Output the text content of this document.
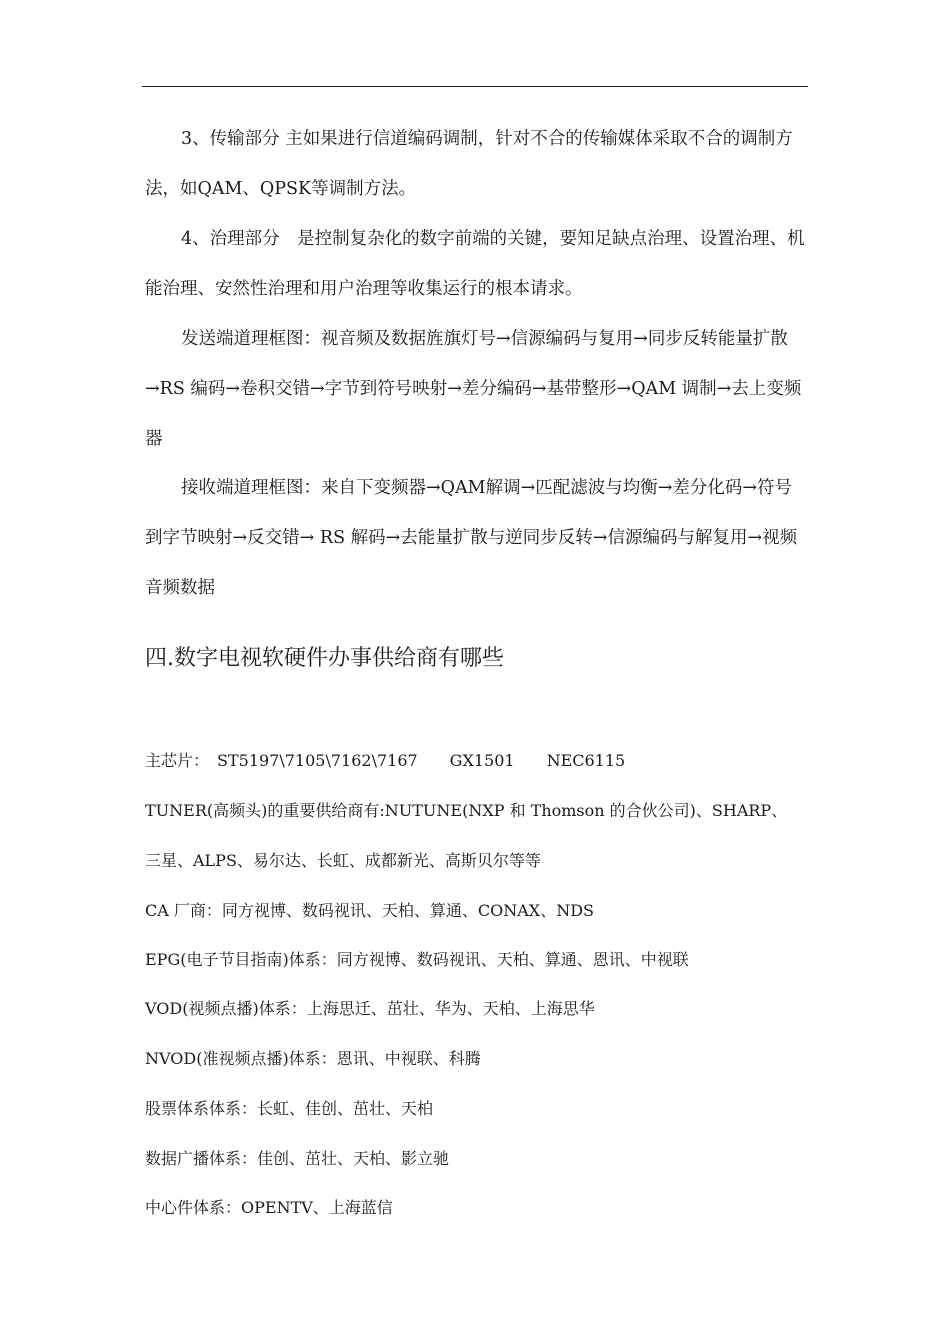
3、传输部分 主如果进行信道编码调制，针对不合的传输媒体采取不合的调制方法，如QAM、QPSK等调制方法。

4、治理部分　是控制复杂化的数字前端的关键，要知足缺点治理、设置治理、机能治理、安然性治理和用户治理等收集运行的根本请求。

发送端道理框图：视音频及数据旌旗灯号→信源编码与复用→同步反转能量扩散→RS 编码→卷积交错→字节到符号映射→差分编码→基带整形→QAM 调制→去上变频器

接收端道理框图：来自下变频器→QAM解调→匹配滤波与均衡→差分化码→符号到字节映射→反交错→ RS 解码→去能量扩散与逆同步反转→信源编码与解复用→视频音频数据

四.数字电视软硬件办事供给商有哪些

主芯片：　ST5197\7105\7162\7167　　GX1501　　NEC6115

TUNER(高频头)的重要供给商有:NUTUNE(NXP 和 Thomson 的合伙公司)、SHARP、

三星、ALPS、易尔达、长虹、成都新光、高斯贝尔等等

CA 厂商：同方视博、数码视讯、天柏、算通、CONAX、NDS

EPG(电子节目指南)体系：同方视博、数码视讯、天柏、算通、恩讯、中视联

VOD(视频点播)体系：上海思迁、茁壮、华为、天柏、上海思华

NVOD(准视频点播)体系：恩讯、中视联、科腾

股票体系体系：长虹、佳创、茁壮、天柏

数据广播体系：佳创、茁壮、天柏、影立驰

中心件体系：OPENTV、上海蓝信
